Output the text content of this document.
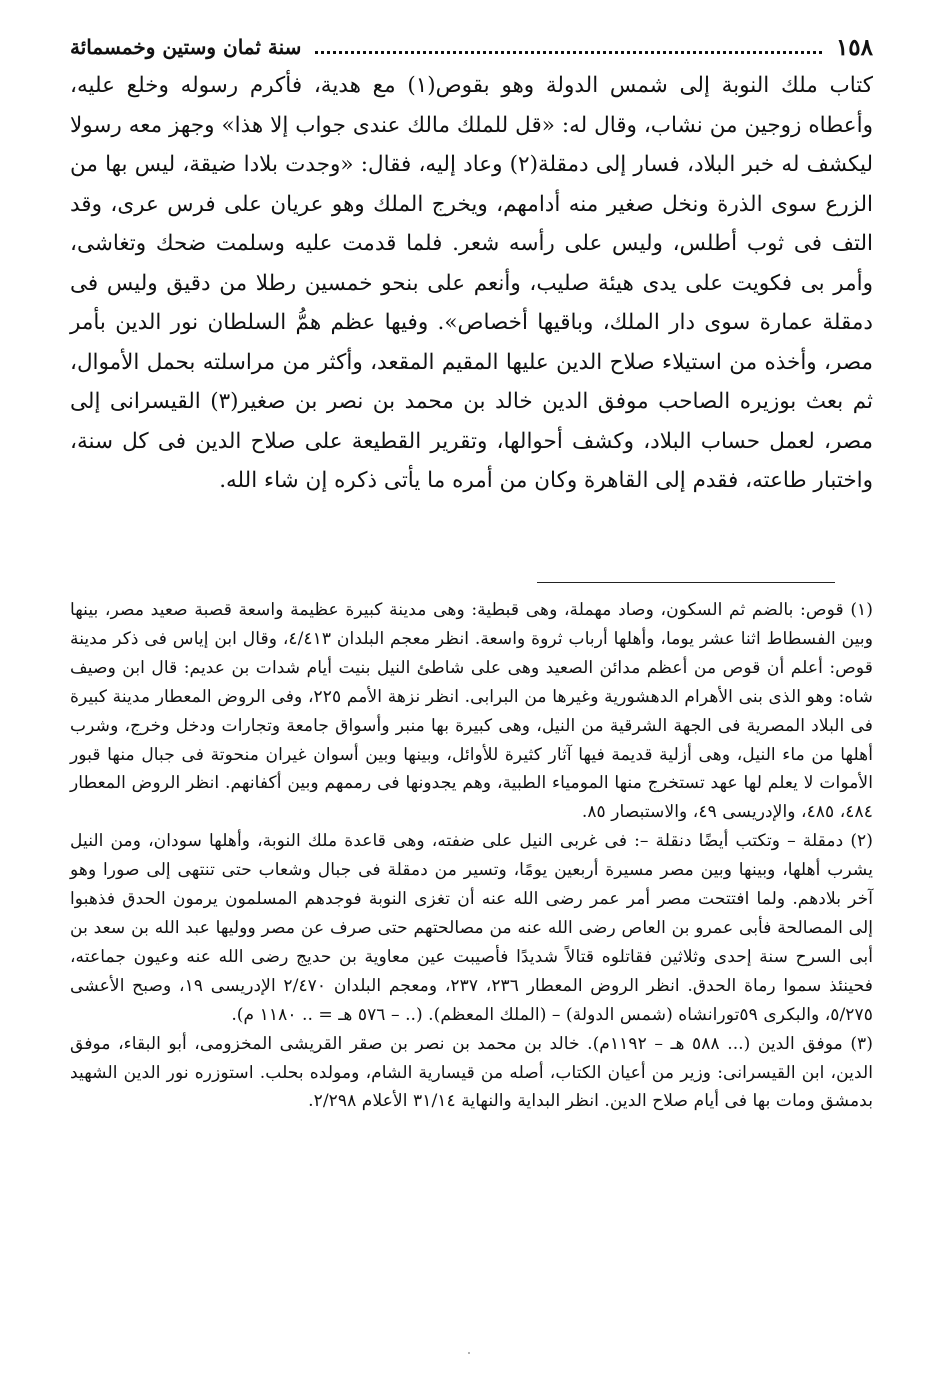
١٥٨
سنة ثمان وستين وخمسمائة

كتاب ملك النوبة إلى شمس الدولة وهو بقوص(١) مع هدية، فأكرم رسوله وخلع عليه، وأعطاه زوجين من نشاب، وقال له: «قل للملك مالك عندى جواب إلا هذا» وجهز معه رسولا ليكشف له خبر البلاد، فسار إلى دمقلة(٢) وعاد إليه، فقال: «وجدت بلادا ضيقة، ليس بها من الزرع سوى الذرة ونخل صغير منه أدامهم، ويخرج الملك وهو عريان على فرس عرى، وقد التف فى ثوب أطلس، وليس على رأسه شعر. فلما قدمت عليه وسلمت ضحك وتغاشى، وأمر بى فكويت على يدى هيئة صليب، وأنعم على بنحو خمسين رطلا من دقيق وليس فى دمقلة عمارة سوى دار الملك، وباقيها أخصاص». وفيها عظم همُّ السلطان نور الدين بأمر مصر، وأخذه من استيلاء صلاح الدين عليها المقيم المقعد، وأكثر من مراسلته بحمل الأموال، ثم بعث بوزيره الصاحب موفق الدين خالد بن محمد بن نصر بن صغير(٣) القيسرانى إلى مصر، لعمل حساب البلاد، وكشف أحوالها، وتقرير القطيعة على صلاح الدين فى كل سنة، واختبار طاعته، فقدم إلى القاهرة وكان من أمره ما يأتى ذكره إن شاء الله.

(١) قوص: بالضم ثم السكون، وصاد مهملة، وهى قبطية: وهى مدينة كبيرة عظيمة واسعة قصبة صعيد مصر، بينها وبين الفسطاط اثنا عشر يوما، وأهلها أرباب ثروة واسعة. انظر معجم البلدان ٤/٤١٣، وقال ابن إياس فى ذكر مدينة قوص: أعلم أن قوص من أعظم مدائن الصعيد وهى على شاطئ النيل بنيت أيام شدات بن عديم: قال ابن وصيف شاه: وهو الذى بنى الأهرام الدهشورية وغيرها من البرابى. انظر نزهة الأمم ٢٢٥، وفى الروض المعطار مدينة كبيرة فى البلاد المصرية فى الجهة الشرقية من النيل، وهى كبيرة بها منبر وأسواق جامعة وتجارات ودخل وخرج، وشرب أهلها من ماء النيل، وهى أزلية قديمة فيها آثار كثيرة للأوائل، وبينها وبين أسوان غيران منحوتة فى جبال منها قبور الأموات لا يعلم لها عهد تستخرج منها المومياء الطبية، وهم يجدونها فى رممهم وبين أكفانهم. انظر الروض المعطار ٤٨٤، ٤٨٥، والإدريسى ٤٩، والاستبصار ٨٥.

(٢) دمقلة – وتكتب أيضًا دنقلة –: فى غربى النيل على ضفته، وهى قاعدة ملك النوبة، وأهلها سودان، ومن النيل يشرب أهلها، وبينها وبين مصر مسيرة أربعين يومًا، وتسير من دمقلة فى جبال وشعاب حتى تنتهى إلى صورا وهو آخر بلادهم. ولما افتتحت مصر أمر عمر رضى الله عنه أن تغزى النوبة فوجدهم المسلمون يرمون الحدق فذهبوا إلى المصالحة فأبى عمرو بن العاص رضى الله عنه من مصالحتهم حتى صرف عن مصر ووليها عبد الله بن سعد بن أبى السرح سنة إحدى وثلاثين فقاتلوه قتالاً شديدًا فأصيبت عين معاوية بن حديج رضى الله عنه وعيون جماعته، فحينئذ سموا رماة الحدق. انظر الروض المعطار ٢٣٦، ٢٣٧، ومعجم البلدان ٢/٤٧٠ الإدريسى ١٩، وصبح الأعشى ٥/٢٧٥، والبكرى ٥٩تورانشاه (شمس الدولة) – (الملك المعظم). (.. – ٥٧٦ هـ = .. ١١٨٠ م).

(٣) موفق الدين (... ٥٨٨ هـ – ١١٩٢م). خالد بن محمد بن نصر بن صقر القريشى المخزومى، أبو البقاء، موفق الدين، ابن القيسرانى: وزير من أعيان الكتاب، أصله من قيسارية الشام، ومولده بحلب. استوزره نور الدين الشهيد بدمشق ومات بها فى أيام صلاح الدين. انظر البداية والنهاية ٣١/١٤ الأعلام ٢/٢٩٨.
